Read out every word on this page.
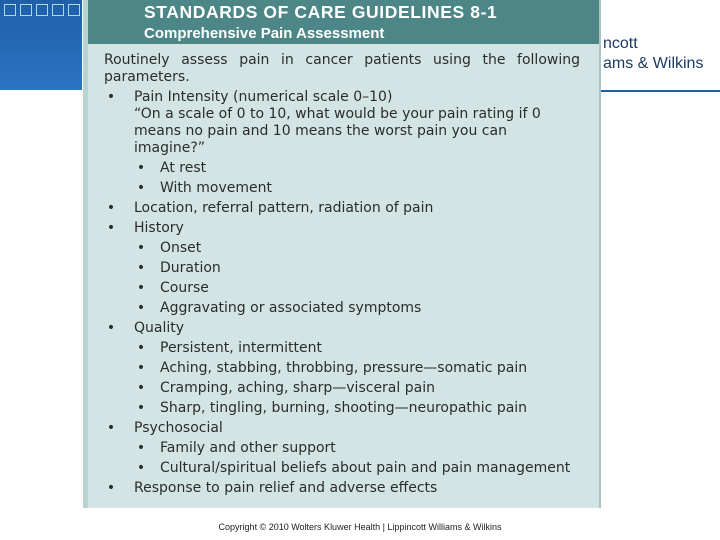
ncott
ams & Wilkins
STANDARDS OF CARE GUIDELINES 8-1
Comprehensive Pain Assessment

Routinely assess pain in cancer patients using the following parameters.

• Pain Intensity (numerical scale 0–10)
“On a scale of 0 to 10, what would be your pain rating if 0 means no pain and 10 means the worst pain you can imagine?”
• At rest
• With movement
• Location, referral pattern, radiation of pain
• History
• Onset
• Duration
• Course
• Aggravating or associated symptoms
• Quality
• Persistent, intermittent
• Aching, stabbing, throbbing, pressure—somatic pain
• Cramping, aching, sharp—visceral pain
• Sharp, tingling, burning, shooting—neuropathic pain
• Psychosocial
• Family and other support
• Cultural/spiritual beliefs about pain and pain management
• Response to pain relief and adverse effects
Copyright © 2010 Wolters Kluwer Health | Lippincott Williams & Wilkins
